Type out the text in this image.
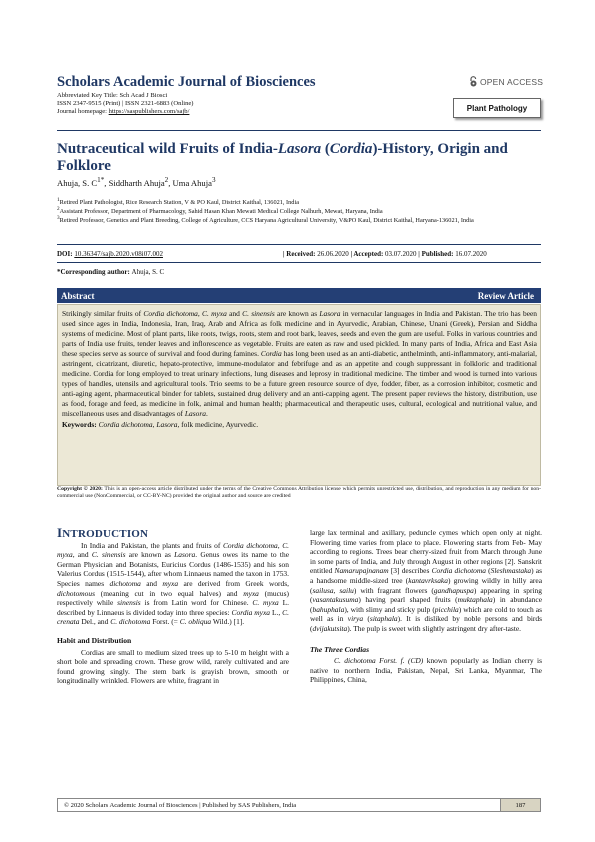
Scholars Academic Journal of Biosciences
Abbreviated Key Title: Sch Acad J Biosci
ISSN 2347-9515 (Print) | ISSN 2321-6883 (Online)
Journal homepage: https://saspublishers.com/sajb/
OPEN ACCESS
Plant Pathology
Nutraceutical wild Fruits of India-Lasora (Cordia)-History, Origin and Folklore
Ahuja, S. $C^{1*}$, Siddharth Ahuja$^2$, Uma Ahuja$^3$
$^1$Retired Plant Pathologist, Rice Research Station, V & PO Kaul, District Kaithal, 136021, India
$^2$Assistant Professor, Department of Pharmacology, Sahid Hasan Khan Mewati Medical College Nalhurh, Mewat, Haryana, India
$^3$Retired Professor, Genetics and Plant Breeding, College of Agriculture, CCS Haryana Agricultural University, V&PO Kaul, District Kaithal, Haryana-136021, India
DOI: 10.36347/sajb.2020.v08i07.002	| Received: 26.06.2020 | Accepted: 03.07.2020 | Published: 16.07.2020
*Corresponding author: Ahuja, S. C
Abstract	Review Article
Strikingly similar fruits of Cordia dichotoma, C. myxa and C. sinensis are known as Lasora in vernacular languages in India and Pakistan. The trio has been used since ages in India, Indonesia, Iran, Iraq, Arab and Africa as folk medicine and in Ayurvedic, Arabian, Chinese, Unani (Greek), Persian and Siddha systems of medicine. Most of plant parts, like roots, twigs, roots, stem and root bark, leaves, seeds and even the gum are useful. Folks in various countries and parts of India use fruits, tender leaves and inflorescence as vegetable. Fruits are eaten as raw and used pickled. In many parts of India, Africa and East Asia these species serve as source of survival and food during famines. Cordia has long been used as an anti-diabetic, anthelminth, anti-inflammatory, anti-malarial, astringent, cicatrizant, diuretic, hepato-protective, immune-modulator and febrifuge and as an appetite and cough suppressant in folkloric and traditional medicine. Cordia for long employed to treat urinary infections, lung diseases and leprosy in traditional medicine. The timber and wood is turned into various types of handles, utensils and agricultural tools. Trio seems to be a future green resource source of dye, fodder, fiber, as a corrosion inhibitor, cosmetic and anti-aging agent, pharmaceutical binder for tablets, sustained drug delivery and an anti-capping agent. The present paper reviews the history, distribution, use as food, forage and feed, as medicine in folk, animal and human health; pharmaceutical and therapeutic uses, cultural, ecological and nutritional value, and miscellaneous uses and disadvantages of Lasora.
Keywords: Cordia dichotoma, Lasora, folk medicine, Ayurvedic.
Copyright © 2020: This is an open-access article distributed under the terms of the Creative Commons Attribution license which permits unrestricted use, distribution, and reproduction in any medium for non-commercial use (NonCommercial, or CC-BY-NC) provided the original author and source are credited
INTRODUCTION

In India and Pakistan, the plants and fruits of Cordia dichotoma, C. myxa, and C. sinensis are known as Lasora. Genus owes its name to the German Physician and Botanists, Euricius Cordus (1486-1535) and his son Valerius Cordus (1515-1544), after whom Linnaeus named the taxon in 1753. Species names dichotoma and myxa are derived from Greek words, dichotomous (meaning cut in two equal halves) and myxa (mucus) respectively while sinensis is from Latin word for Chinese. C. myxa L. described by Linnaeus is divided today into three species: Cordia myxa L., C. crenata Del., and C. dichotoma Forst. (= C. obliqua Wild.) [1].

Habit and Distribution

Cordias are small to medium sized trees up to 5-10 m height with a short bole and spreading crown. These grow wild, rarely cultivated and are found growing singly. The stem bark is grayish brown, smooth or longitudinally wrinkled. Flowers are white, fragrant in

large lax terminal and axillary, peduncle cymes which open only at night. Flowering time varies from place to place. Flowering starts from Feb- May according to regions. Trees bear cherry-sized fruit from March through June in some parts of India, and July through August in other regions [2]. Sanskrit entitled Namarupajnanam [3] describes Cordia dichotoma (Sleshmastaka) as a handsome middle-sized tree (kantavrksaka) growing wildly in hilly area (sailusa, sailu) with fragrant flowers (gandhapuspa) appearing in spring (vasantakusuma) having pearl shaped fruits (muktaphala) in abundance (bahuphala), with slimy and sticky pulp (picchila) which are cold to touch as well as in virya (sitaphala). It is disliked by noble persons and birds (dvijakutsita). The pulp is sweet with slightly astringent dry after-taste.

The Three Cordias

C. dichotoma Forst. f. (CD) known popularly as Indian cherry is native to northern India, Pakistan, Nepal, Sri Lanka, Myanmar, The Philippines, China,

© 2020 Scholars Academic Journal of Biosciences | Published by SAS Publishers, India	187
